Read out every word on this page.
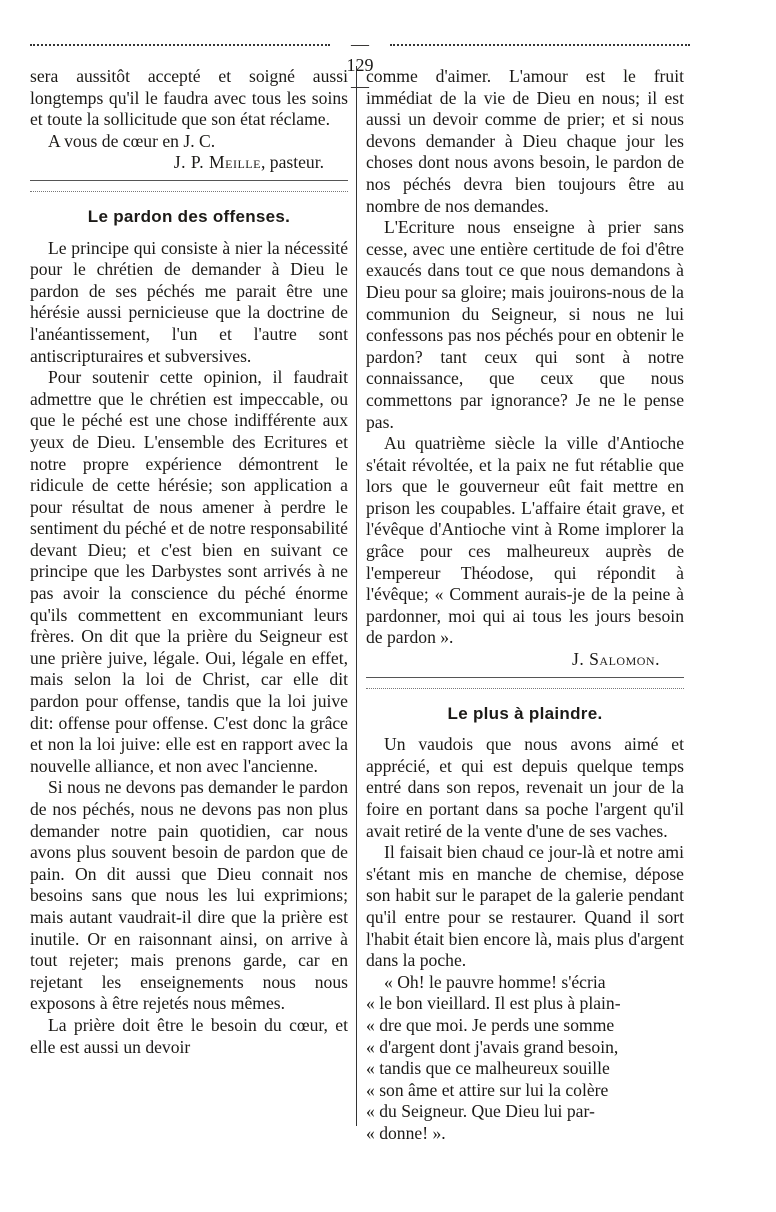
— 129 —

sera aussitôt accepté et soigné aussi longtemps qu'il le faudra avec tous les soins et toute la sollicitude que son état réclame.

A vous de cœur en J. C.

J. P. Meille, pasteur.

Le pardon des offenses.

Le principe qui consiste à nier la nécessité pour le chrétien de demander à Dieu le pardon de ses péchés me parait être une hérésie aussi pernicieuse que la doctrine de l'anéantissement, l'un et l'autre sont antiscripturaires et subversives.

Pour soutenir cette opinion, il faudrait admettre que le chrétien est impeccable, ou que le péché est une chose indifférente aux yeux de Dieu. L'ensemble des Ecritures et notre propre expérience démontrent le ridicule de cette hérésie; son application a pour résultat de nous amener à perdre le sentiment du péché et de notre responsabilité devant Dieu; et c'est bien en suivant ce principe que les Darbystes sont arrivés à ne pas avoir la conscience du péché énorme qu'ils commettent en excommuniant leurs frères. On dit que la prière du Seigneur est une prière juive, légale. Oui, légale en effet, mais selon la loi de Christ, car elle dit pardon pour offense, tandis que la loi juive dit: offense pour offense. C'est donc la grâce et non la loi juive: elle est en rapport avec la nouvelle alliance, et non avec l'ancienne.

Si nous ne devons pas demander le pardon de nos péchés, nous ne devons pas non plus demander notre pain quotidien, car nous avons plus souvent besoin de pardon que de pain. On dit aussi que Dieu connait nos besoins sans que nous les lui exprimions; mais autant vaudrait-il dire que la prière est inutile. Or en raisonnant ainsi, on arrive à tout rejeter; mais prenons garde, car en rejetant les enseignements nous nous exposons à être rejetés nous mêmes.

La prière doit être le besoin du cœur, et elle est aussi un devoir

comme d'aimer. L'amour est le fruit immédiat de la vie de Dieu en nous; il est aussi un devoir comme de prier; et si nous devons demander à Dieu chaque jour les choses dont nous avons besoin, le pardon de nos péchés devra bien toujours être au nombre de nos demandes.

L'Ecriture nous enseigne à prier sans cesse, avec une entière certitude de foi d'être exaucés dans tout ce que nous demandons à Dieu pour sa gloire; mais jouirons-nous de la communion du Seigneur, si nous ne lui confessons pas nos péchés pour en obtenir le pardon? tant ceux qui sont à notre connaissance, que ceux que nous commettons par ignorance? Je ne le pense pas.

Au quatrième siècle la ville d'Antioche s'était révoltée, et la paix ne fut rétablie que lors que le gouverneur eût fait mettre en prison les coupables. L'affaire était grave, et l'évêque d'Antioche vint à Rome implorer la grâce pour ces malheureux auprès de l'empereur Théodose, qui répondit à l'évêque; « Comment aurais-je de la peine à pardonner, moi qui ai tous les jours besoin de pardon ».

J. Salomon.

Le plus à plaindre.

Un vaudois que nous avons aimé et apprécié, et qui est depuis quelque temps entré dans son repos, revenait un jour de la foire en portant dans sa poche l'argent qu'il avait retiré de la vente d'une de ses vaches.

Il faisait bien chaud ce jour-là et notre ami s'étant mis en manche de chemise, dépose son habit sur le parapet de la galerie pendant qu'il entre pour se restaurer. Quand il sort l'habit était bien encore là, mais plus d'argent dans la poche.

« Oh! le pauvre homme! s'écria

« le bon vieillard. Il est plus à plain-

« dre que moi. Je perds une somme

« d'argent dont j'avais grand besoin,

« tandis que ce malheureux souille

« son âme et attire sur lui la colère

« du Seigneur. Que Dieu lui par-

« donne! ».
